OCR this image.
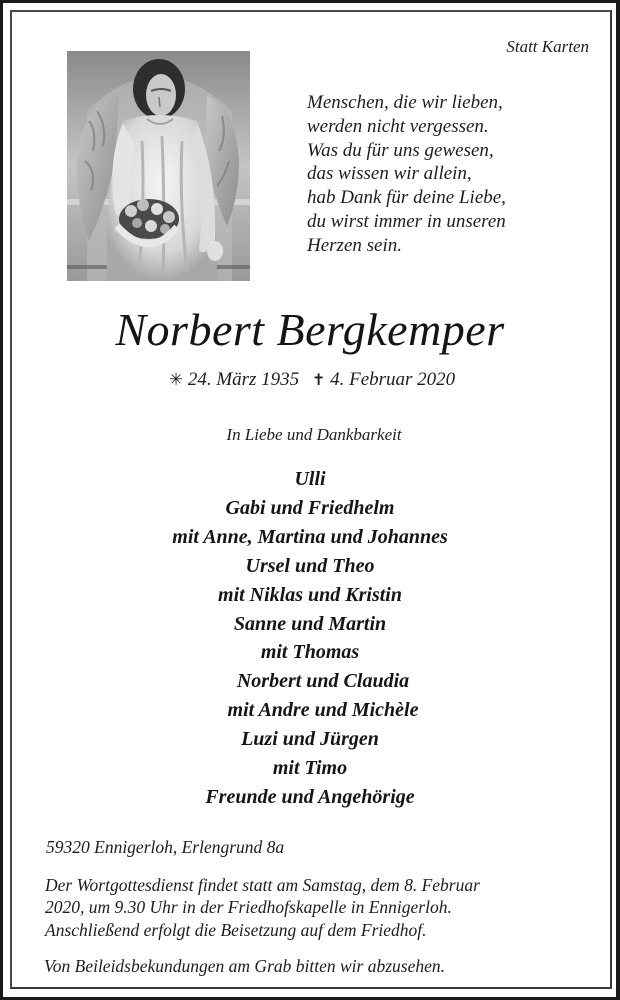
Statt Karten
Menschen, die wir lieben,
werden nicht vergessen.
Was du für uns gewesen,
das wissen wir allein,
hab Dank für deine Liebe,
du wirst immer in unseren
Herzen sein.
Norbert Bergkemper
✳ 24. März 1935 ✝ 4. Februar 2020
In Liebe und Dankbarkeit
Ulli
Gabi und Friedhelm
mit Anne, Martina und Johannes
Ursel und Theo
mit Niklas und Kristin
Sanne und Martin
mit Thomas
Norbert und Claudia
mit Andre und Michèle
Luzi und Jürgen
mit Timo
Freunde und Angehörige
59320 Ennigerloh, Erlengrund 8a
Der Wortgottesdienst findet statt am Samstag, dem 8. Februar
2020, um 9.30 Uhr in der Friedhofskapelle in Ennigerloh.
Anschließend erfolgt die Beisetzung auf dem Friedhof.
Von Beileidsbekundungen am Grab bitten wir abzusehen.
